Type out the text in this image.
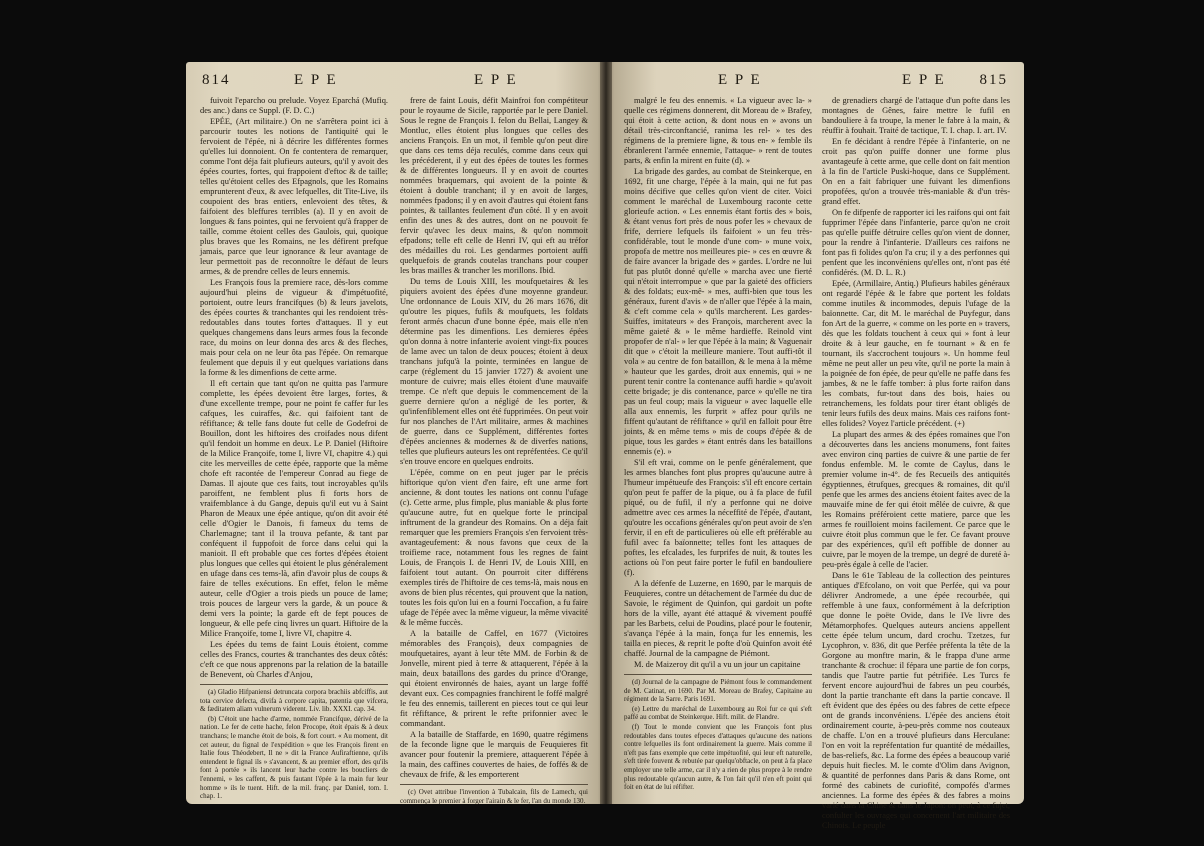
814	E P E	E P E

fuivoit l'eparcho ou prelude. Voyez Eparchá (Mufiq. des anc.) dans ce Suppl. (F. D. C.)

EPÉE, (Art militaire.) On ne s'arrêtera point ici à parcourir toutes les notions de l'antiquité qui le fervoient de l'épée, ni à décrire les différentes formes qu'elles lui donnoient. On fe contentera de remarquer, comme l'ont déja fait plufieurs auteurs, qu'il y avoit des épées courtes, fortes, qui frappoient d'eftoc & de taille; telles qu'étoient celles des Efpagnols, que les Romains emprunterent d'eux, & avec lefquelles, dit Tite-Live, ils coupoient des bras entiers, enlevoient des têtes, & faifoient des bleffures terribles (a). Il y en avoit de longues & fans pointes, qui ne fervoient qu'à frapper de taille, comme étoient celles des Gaulois, qui, quoique plus braves que les Romains, ne les défirent prefque jamais, parce que leur ignorance & leur avantage de leur permettoit pas de reconnoître le défaut de leurs armes, & de prendre celles de leurs ennemis.

Les François fous la premiere race, dès-lors comme aujourd'hui pleins de vigueur & d'impétuofité, portoient, outre leurs francifques (b) & leurs javelots, des épées courtes & tranchantes qui les rendoient très-redoutables dans toutes fortes d'attaques. Il y eut quelques changemens dans leurs armes fous la feconde race, du moins on leur donna des arcs & des fleches, mais pour cela on ne leur ôta pas l'épée. On remarque feulement que depuis il y eut quelques variations dans la forme & les dimenfions de cette arme.

Il eft certain que tant qu'on ne quitta pas l'armure complette, les épées devoient être larges, fortes, & d'une excellente trempe, pour ne point fe caffer fur les cafques, les cuiraffes, &c. qui faifoient tant de réfiftance; & telle fans doute fut celle de Godefroi de Bouillon, dont les hiftoires des croifades nous difent qu'il fendoit un homme en deux. Le P. Daniel (Hiftoire de la Milice Françoife, tome I, livre VI, chapitre 4.) qui cite les merveilles de cette épée, rapporte que la même chofe eft racontée de l'empereur Conrad au fiege de Damas. Il ajoute que ces faits, tout incroyables qu'ils paroiffent, ne femblent plus fi forts hors de vraifemblance à du Gange, depuis qu'il eut vu à Saint Pharon de Meaux une épée antique, qu'on dit avoir été celle d'Ogier le Danois, fi fameux du tems de Charlemagne; tant il la trouva pefante, & tant par conféquent il fuppofoit de force dans celui qui la manioit. Il eft probable que ces fortes d'épées étoient plus longues que celles qui étoient le plus généralement en ufage dans ces tems-là, afin d'avoir plus de coups & faire de telles exécutions. En effet, felon le même auteur, celle d'Ogier a trois pieds un pouce de lame; trois pouces de largeur vers la garde, & un pouce & demi vers la pointe; la garde eft de fept pouces de longueur, & elle pefe cinq livres un quart. Hiftoire de la Milice Françoife, tome I, livre VI, chapitre 4.

Les épées du tems de faint Louis étoient, comme celles des Francs, courtes & tranchantes des deux côtés: c'eft ce que nous apprenons par la relation de la bataille de Benevent, où Charles d'Anjou,

(a) Gladio Hifpaniensi detruncata corpora brachiis abfciffis, aut tota cervice defecta, divifa à corpore capita, patentia que vifcera, & fæditatem aliam vulnerum viderent. Liv. lib. XXXI. cap. 34.

(b) C'étoit une hache d'arme, nommée Francifque, dérivé de la nation. Le fer de cette hache, felon Procope, étoit épais & à deux tranchans; le manche étoit de bois, & fort court. « Au moment, dit cet auteur, du fignal de l'expédition » que les François firent en Italie fous Théodebert, Il ne » dit la France Aufiraftienne, qu'ils entendent le fignal ils » s'avancent, & au premier effort, des qu'ils font à portée » ils lancent leur hache contre les boucliers de l'ennemi, » les caffent, & puis fautant l'épée à la main fur leur homme » ils le tuent. Hift. de la mil. franç. par Daniel, tom. I. chap. 1.

frere de faint Louis, défit Mainfroi fon compétiteur pour le royaume de Sicile, rapportée par le pere Daniel. Sous le regne de François I. felon du Bellai, Langey & Montluc, elles étoient plus longues que celles des anciens François. En un mot, il femble qu'on peut dire que dans ces tems déja reculés, comme dans ceux qui les précéderent, il y eut des épées de toutes les formes & de différentes longueurs. Il y en avoit de courtes nommées braquemars, qui avoient de la pointe & étoient à double tranchant; il y en avoit de larges, nommées fpadons; il y en avoit d'autres qui étoient fans pointes, & taillantes feulement d'un côté. Il y en avoit enfin des unes & des autres, dont on ne pouvoit fe fervir qu'avec les deux mains, & qu'on nommoit efpadons; telle eft celle de Henri IV, qui eft au tréfor des médailles du roi. Les gendarmes portoient auffi quelquefois de grands coutelas tranchans pour couper les bras mailles & trancher les morillons. Ibid.

Du tems de Louis XIII, les moufquetaires & les piquiers avoient des épées d'une moyenne grandeur. Une ordonnance de Louis XIV, du 26 mars 1676, dit qu'outre les piques, fufils & moufquets, les foldats feront armés chacun d'une bonne épée, mais elle n'en détermine pas les dimenfions. Les dernieres épées qu'on donna à notre infanterie avoient vingt-fix pouces de lame avec un talon de deux pouces; étoient à deux tranchans jufqu'à la pointe, terminées en langue de carpe (réglement du 15 janvier 1727) & avoient une monture de cuivre; mais elles étoient d'une mauvaife trempe. Ce n'eft que depuis le commencement de la guerre derniere qu'on a négligé de les porter, & qu'infenfiblement elles ont été fupprimées. On peut voir fur nos planches de l'Art militaire, armes & machines de guerre, dans ce Supplément, différentes fortes d'épées anciennes & modernes & de diverfes nations, telles que plufieurs auteurs les ont repréfentées. Ce qu'il s'en trouve encore en quelques endroits.

L'épée, comme on en peut juger par le précis hiftorique qu'on vient d'en faire, eft une arme fort ancienne, & dont toutes les nations ont connu l'ufage (c). Cette arme, plus fimple, plus maniable & plus forte qu'aucune autre, fut en quelque forte le principal inftrument de la grandeur des Romains. On a déja fait remarquer que les premiers François s'en fervoient très-avantageufement: & nous favons que ceux de la troifieme race, notamment fous les regnes de faint Louis, de François I. de Henri IV, de Louis XIII, en faifoient tout autant. On pourroit citer différens exemples tirés de l'hiftoire de ces tems-là, mais nous en avons de bien plus récentes, qui prouvent que la nation, toutes les fois qu'on lui en a fourni l'occafion, a fu faire ufage de l'épée avec la même vigueur, la même vivacité & le même fuccès.

A la bataille de Caffel, en 1677 (Victoires mémorables des François), deux compagnies de moufquetaires, ayant à leur tête MM. de Forbin & de Jonvelle, mirent pied à terre & attaquerent, l'épée à la main, deux bataillons des gardes du prince d'Orange, qui étoient environnés de haies, ayant un large foffé devant eux. Ces compagnies franchirent le foffé malgré le feu des ennemis, taillerent en pieces tout ce qui leur fit réfiftance, & prirent le refte prifonnier avec le commandant.

A la bataille de Staffarde, en 1690, quatre régimens de la feconde ligne que le marquis de Feuquieres fit avancer pour foutenir la premiere, attaquerent l'épée à la main, des caffines couvertes de haies, de foffés & de chevaux de frife, & les emporterent

(c) Ovet attribue l'invention à Tubalcain, fils de Lamech, qui commença le premier à forger l'airain & le fer, l'an du monde 130.

E P E	E P E 815

malgré le feu des ennemis. « La vigueur avec la- » quelle ces régimens donnerent, dit Moreau de » Brafey, qui étoit à cette action, & dont nous en » avons un détail très-circonftancié, ranima les rel- » tes des régimens de la premiere ligne, & tous en- » femble ils ébranlerent l'armée ennemie, l'attaque- » rent de toutes parts, & enfin la mirent en fuite (d). »

La brigade des gardes, au combat de Steinkerque, en 1692, fit une charge, l'épée à la main, qui ne fut pas moins décifive que celles qu'on vient de citer. Voici comment le maréchal de Luxembourg raconte cette glorieufe action. « Les ennemis étant fortis des » bois, & étant venus fort près de nous pofer les » chevaux de frife, derriere lefquels ils faifoient » un feu très-confidérable, tout le monde d'une com- » mune voix, propofa de mettre nos meilleures pie- » ces en œuvre & de faire avancer la brigade des » gardes. L'ordre ne lui fut pas plutôt donné qu'elle » marcha avec une fierté qui n'étoit interrompue » que par la gaieté des officiers & des foldats; eux-mê- » mes, auffi-bien que tous les généraux, furent d'avis » de n'aller que l'épée à la main, & c'eft comme cela » qu'ils marcherent. Les gardes-Suiffes, imitateurs » des François, marcherent avec la même gaieté & » le même hardieffe. Reinold vint propofer de n'al- » ler que l'épée à la main; & Vaguenair dit que » c'étoit la meilleure maniere. Tout auffi-tôt il vola » au centre de fon bataillon, & le mena à la même » hauteur que les gardes, droit aux ennemis, qui » ne purent tenir contre la contenance auffi hardie » qu'avoit cette brigade; je dis contenance, parce » qu'elle ne tira pas un feul coup; mais la vigueur » avec laquelle elle alla aux ennemis, les furprit » affez pour qu'ils ne fiffent qu'autant de réfiftance » qu'il en falloit pour être joints, & en même tems » mis de coups d'épée & de pique, tous les gardes » étant entrés dans les bataillons ennemis (e). »

S'il eft vrai, comme on le penfe généralement, que les armes blanches font plus propres qu'aucune autre à l'humeur impétueufe des François: s'il eft encore certain qu'on peut fe paffer de la pique, ou à fa place de fufil piqué, ou de fufil, il n'y a perfonne qui ne doive admettre avec ces armes la néceffité de l'épée, d'autant, qu'outre les occafions générales qu'on peut avoir de s'en fervir, il en eft de particulieres où elle eft préférable au fufil avec fa baïonnette; telles font les attaques de poftes, les efcalades, les furprifes de nuit, & toutes les actions où l'on peut faire porter le fufil en bandouliere (f).

A la défenfe de Luzerne, en 1690, par le marquis de Feuquieres, contre un détachement de l'armée du duc de Savoie, le régiment de Quinfon, qui gardoit un pofte hors de la ville, ayant été attaqué & vivement pouffé par les Barbets, celui de Poudins, placé pour le foutenir, s'avança l'épée à la main, fonça fur les ennemis, les tailla en pieces, & reprit le pofte d'où Quinfon avoit été chaffé. Journal de la campagne de Piémont.

M. de Maizeroy dit qu'il a vu un jour un capitaine

(d) Journal de la campagne de Piémont fous le commandement de M. Catinat, en 1690. Par M. Moreau de Brafey, Capitaine au régiment de la Sarre. Paris 1691.

(e) Lettre du maréchal de Luxembourg au Roi fur ce qui s'eft paffé au combat de Steinkerque. Hift. milit. de Flandre.

(f) Tout le monde convient que les François font plus redoutables dans toutes efpeces d'attaques qu'aucune des nations contre lefquelles ils font ordinairement la guerre. Mais comme il n'eft pas fans exemple que cette impétuofité, qui leur eft naturelle, s'eft tirée fouvent & rebutée par quelqu'obftacle, on peut à fa place employer une telle arme, car il n'y a rien de plus propre à le rendre plus redoutable qu'aucun autre, & l'on fait qu'il n'en eft point qui foit en état de lui réfifter.

de grenadiers chargé de l'attaque d'un pofte dans les montagnes de Gênes, faire mettre le fufil en bandouliere à fa troupe, la mener le fabre à la main, & réuffir à fouhait. Traité de tactique, T. I. chap. I. art. IV.

En fe décidant à rendre l'épée à l'infanterie, on ne croit pas qu'on puiffe donner une forme plus avantageufe à cette arme, que celle dont on fait mention à la fin de l'article Puski-hoque, dans ce Supplément. On en a fait fabriquer une fuivant les dimenfions propofées, qu'on a trouvée très-maniable & d'un très-grand effet.

On fe difpenfe de rapporter ici les raifons qui ont fait fupprimer l'épée dans l'infanterie, parce qu'on ne croit pas qu'elle puiffe détruire celles qu'on vient de donner, pour la rendre à l'infanterie. D'ailleurs ces raifons ne font pas fi folides qu'on l'a cru; il y a des perfonnes qui penfent que les inconvéniens qu'elles ont, n'ont pas été confidérés. (M. D. L. R.)

Epée, (Armillaire, Antiq.) Plufieurs habiles généraux ont regardé l'épée & le fabre que portent les foldats comme inutiles & incommodes, depuis l'ufage de la baïonnette. Car, dit M. le maréchal de Puyfegur, dans fon Art de la guerre, « comme on les porte en » travers, dès que les foldats touchent à ceux qui » font à leur droite & à leur gauche, en fe tournant » & en fe tournant, ils s'accrochent toujours ». Un homme feul même ne peut aller un peu vîte, qu'il ne porte la main à la poignée de fon épée, de peur qu'elle ne paffe dans fes jambes, & ne le faffe tomber: à plus forte raifon dans les combats, fur-tout dans des bois, haies ou retranchemens, les foldats pour tirer étant obligés de tenir leurs fufils des deux mains. Mais ces raifons font-elles folides? Voyez l'article précédent. (+)

La plupart des armes & des épées romaines que l'on a découvertes dans les anciens monumens, font faites avec environ cinq parties de cuivre & une partie de fer fondus enfemble. M. le comte de Caylus, dans le premier volume in-4°. de fes Recueils des antiquités égyptiennes, étrufques, grecques & romaines, dit qu'il penfe que les armes des anciens étoient faites avec de la mauvaife mine de fer qui étoit mêlée de cuivre, & que les Romains préféroient cette matiere, parce que les armes fe rouilloient moins facilement. Ce parce que le cuivre étoit plus commun que le fer. Ce favant prouve par des expériences, qu'il eft poffible de donner au cuivre, par le moyen de la trempe, un degré de dureté à-peu-près égale à celle de l'acier.

Dans le 61e Tableau de la collection des peintures antiques d'Efcolano, on voit que Perfée, qui va pour délivrer Andromede, a une épée recourbée, qui reffemble à une faux, conformément à la defcription que donne le poëte Ovide, dans le IVe livre des Métamorphofes. Quelques auteurs anciens appellent cette épée telum uncum, dard crochu. Tzetzes, fur Lycophron, v. 836, dit que Perfée préfenta la tête de la Gorgone au monftre marin, & le frappa d'une arme tranchante & crochue: il fépara une partie de fon corps, tandis que l'autre partie fut pétrifiée. Les Turcs fe fervent encore aujourd'hui de fabres un peu courbés, dont la partie tranchante eft dans la partie concave. Il eft évident que des épées ou des fabres de cette efpece ont de grands inconvéniens. L'épée des anciens étoit ordinairement courte, à-peu-près comme nos couteaux de chaffe. L'on en a trouvé plufieurs dans Herculane: l'on en voit la repréfentation fur quantité de médailles, de bas-reliefs, &c. La forme des épées a beaucoup varié depuis huit fiecles. M. le comte d'Olim dans Avignon, & quantité de perfonnes dans Paris & dans Rome, ont formé des cabinets de curiofité, compofés d'armes anciennes. La forme des épées & des fabres a moins varié dans la Chine & dans le Japon: on peut, à ce fujet, confulter les ouvrages qui concernent l'art militaire des Chinois. Le peuple
